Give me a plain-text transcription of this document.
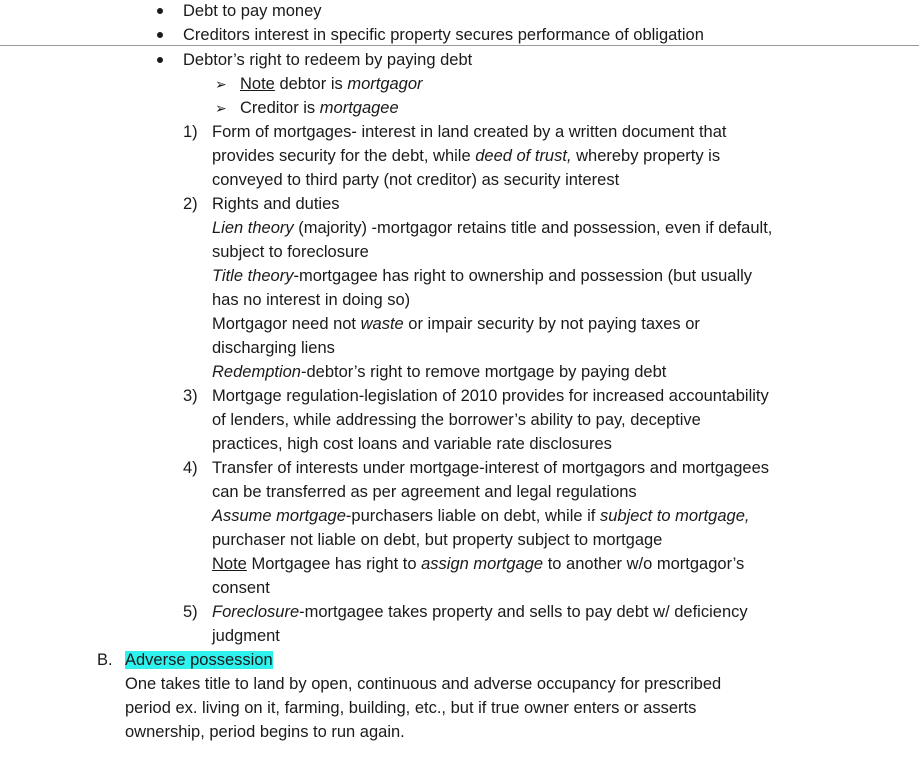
Debt to pay money
Creditors interest in specific property secures performance of obligation
Debtor’s right to redeem by paying debt
➢ Note debtor is mortgagor
➢ Creditor is mortgagee
1) Form of mortgages- interest in land created by a written document that
provides security for the debt, while deed of trust, whereby property is
conveyed to third party (not creditor) as security interest
2) Rights and duties
Lien theory (majority) -mortgagor retains title and possession, even if default,
subject to foreclosure
Title theory-mortgagee has right to ownership and possession (but usually
has no interest in doing so)
Mortgagor need not waste or impair security by not paying taxes or
discharging liens
Redemption-debtor’s right to remove mortgage by paying debt
3) Mortgage regulation-legislation of 2010 provides for increased accountability
of lenders, while addressing the borrower’s ability to pay, deceptive
practices, high cost loans and variable rate disclosures
4) Transfer of interests under mortgage-interest of mortgagors and mortgagees
can be transferred as per agreement and legal regulations
Assume mortgage-purchasers liable on debt, while if subject to mortgage,
purchaser not liable on debt, but property subject to mortgage
Note Mortgagee has right to assign mortgage to another w/o mortgagor’s
consent
5) Foreclosure-mortgagee takes property and sells to pay debt w/ deficiency
judgment
B. Adverse possession
One takes title to land by open, continuous and adverse occupancy for prescribed
period ex. living on it, farming, building, etc., but if true owner enters or asserts
ownership, period begins to run again.
